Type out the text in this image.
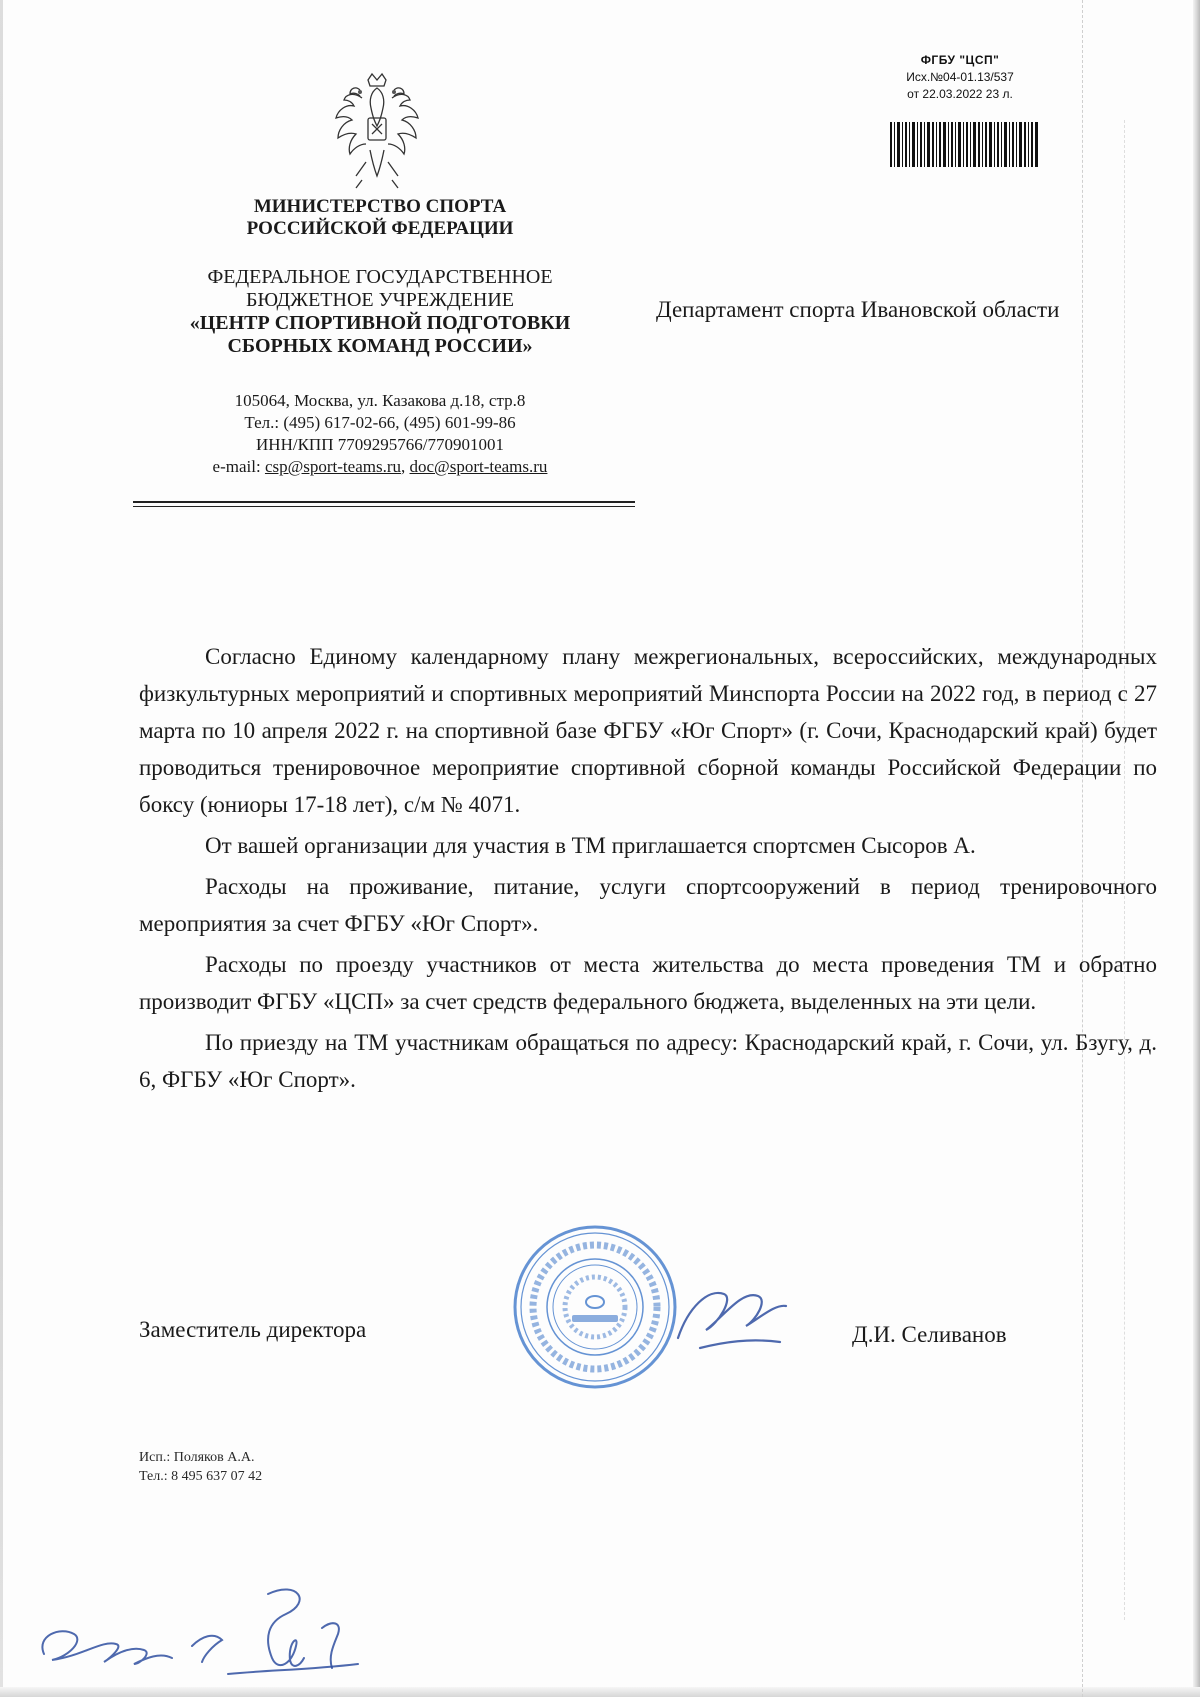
МИНИСТЕРСТВО СПОРТА
РОССИЙСКОЙ ФЕДЕРАЦИИ
ФЕДЕРАЛЬНОЕ ГОСУДАРСТВЕННОЕ
БЮДЖЕТНОЕ УЧРЕЖДЕНИЕ
«ЦЕНТР СПОРТИВНОЙ ПОДГОТОВКИ
СБОРНЫХ КОМАНД РОССИИ»
105064, Москва, ул. Казакова д.18, стр.8
Тел.: (495) 617-02-66, (495) 601-99-86
ИНН/КПП 7709295766/770901001
e-mail: csp@sport-teams.ru, doc@sport-teams.ru
ФГБУ "ЦСП"
Исх.№04-01.13/537
от 22.03.2022 23 л.
Департамент спорта Ивановской области

Согласно Единому календарному плану межрегиональных, всероссийских, международных физкультурных мероприятий и спортивных мероприятий Минспорта России на 2022 год, в период с 27 марта по 10 апреля 2022 г. на спортивной базе ФГБУ «Юг Спорт» (г. Сочи, Краснодарский край) будет проводиться тренировочное мероприятие спортивной сборной команды Российской Федерации по боксу (юниоры 17-18 лет), с/м № 4071.

От вашей организации для участия в ТМ приглашается спортсмен Сысоров А.

Расходы на проживание, питание, услуги спортсооружений в период тренировочного мероприятия за счет ФГБУ «Юг Спорт».

Расходы по проезду участников от места жительства до места проведения ТМ и обратно производит ФГБУ «ЦСП» за счет средств федерального бюджета, выделенных на эти цели.

По приезду на ТМ участникам обращаться по адресу: Краснодарский край, г. Сочи, ул. Бзугу, д. 6, ФГБУ «Юг Спорт».

Заместитель директора	Д.И. Селиванов
Исп.: Поляков А.А.
Тел.: 8 495 637 07 42
